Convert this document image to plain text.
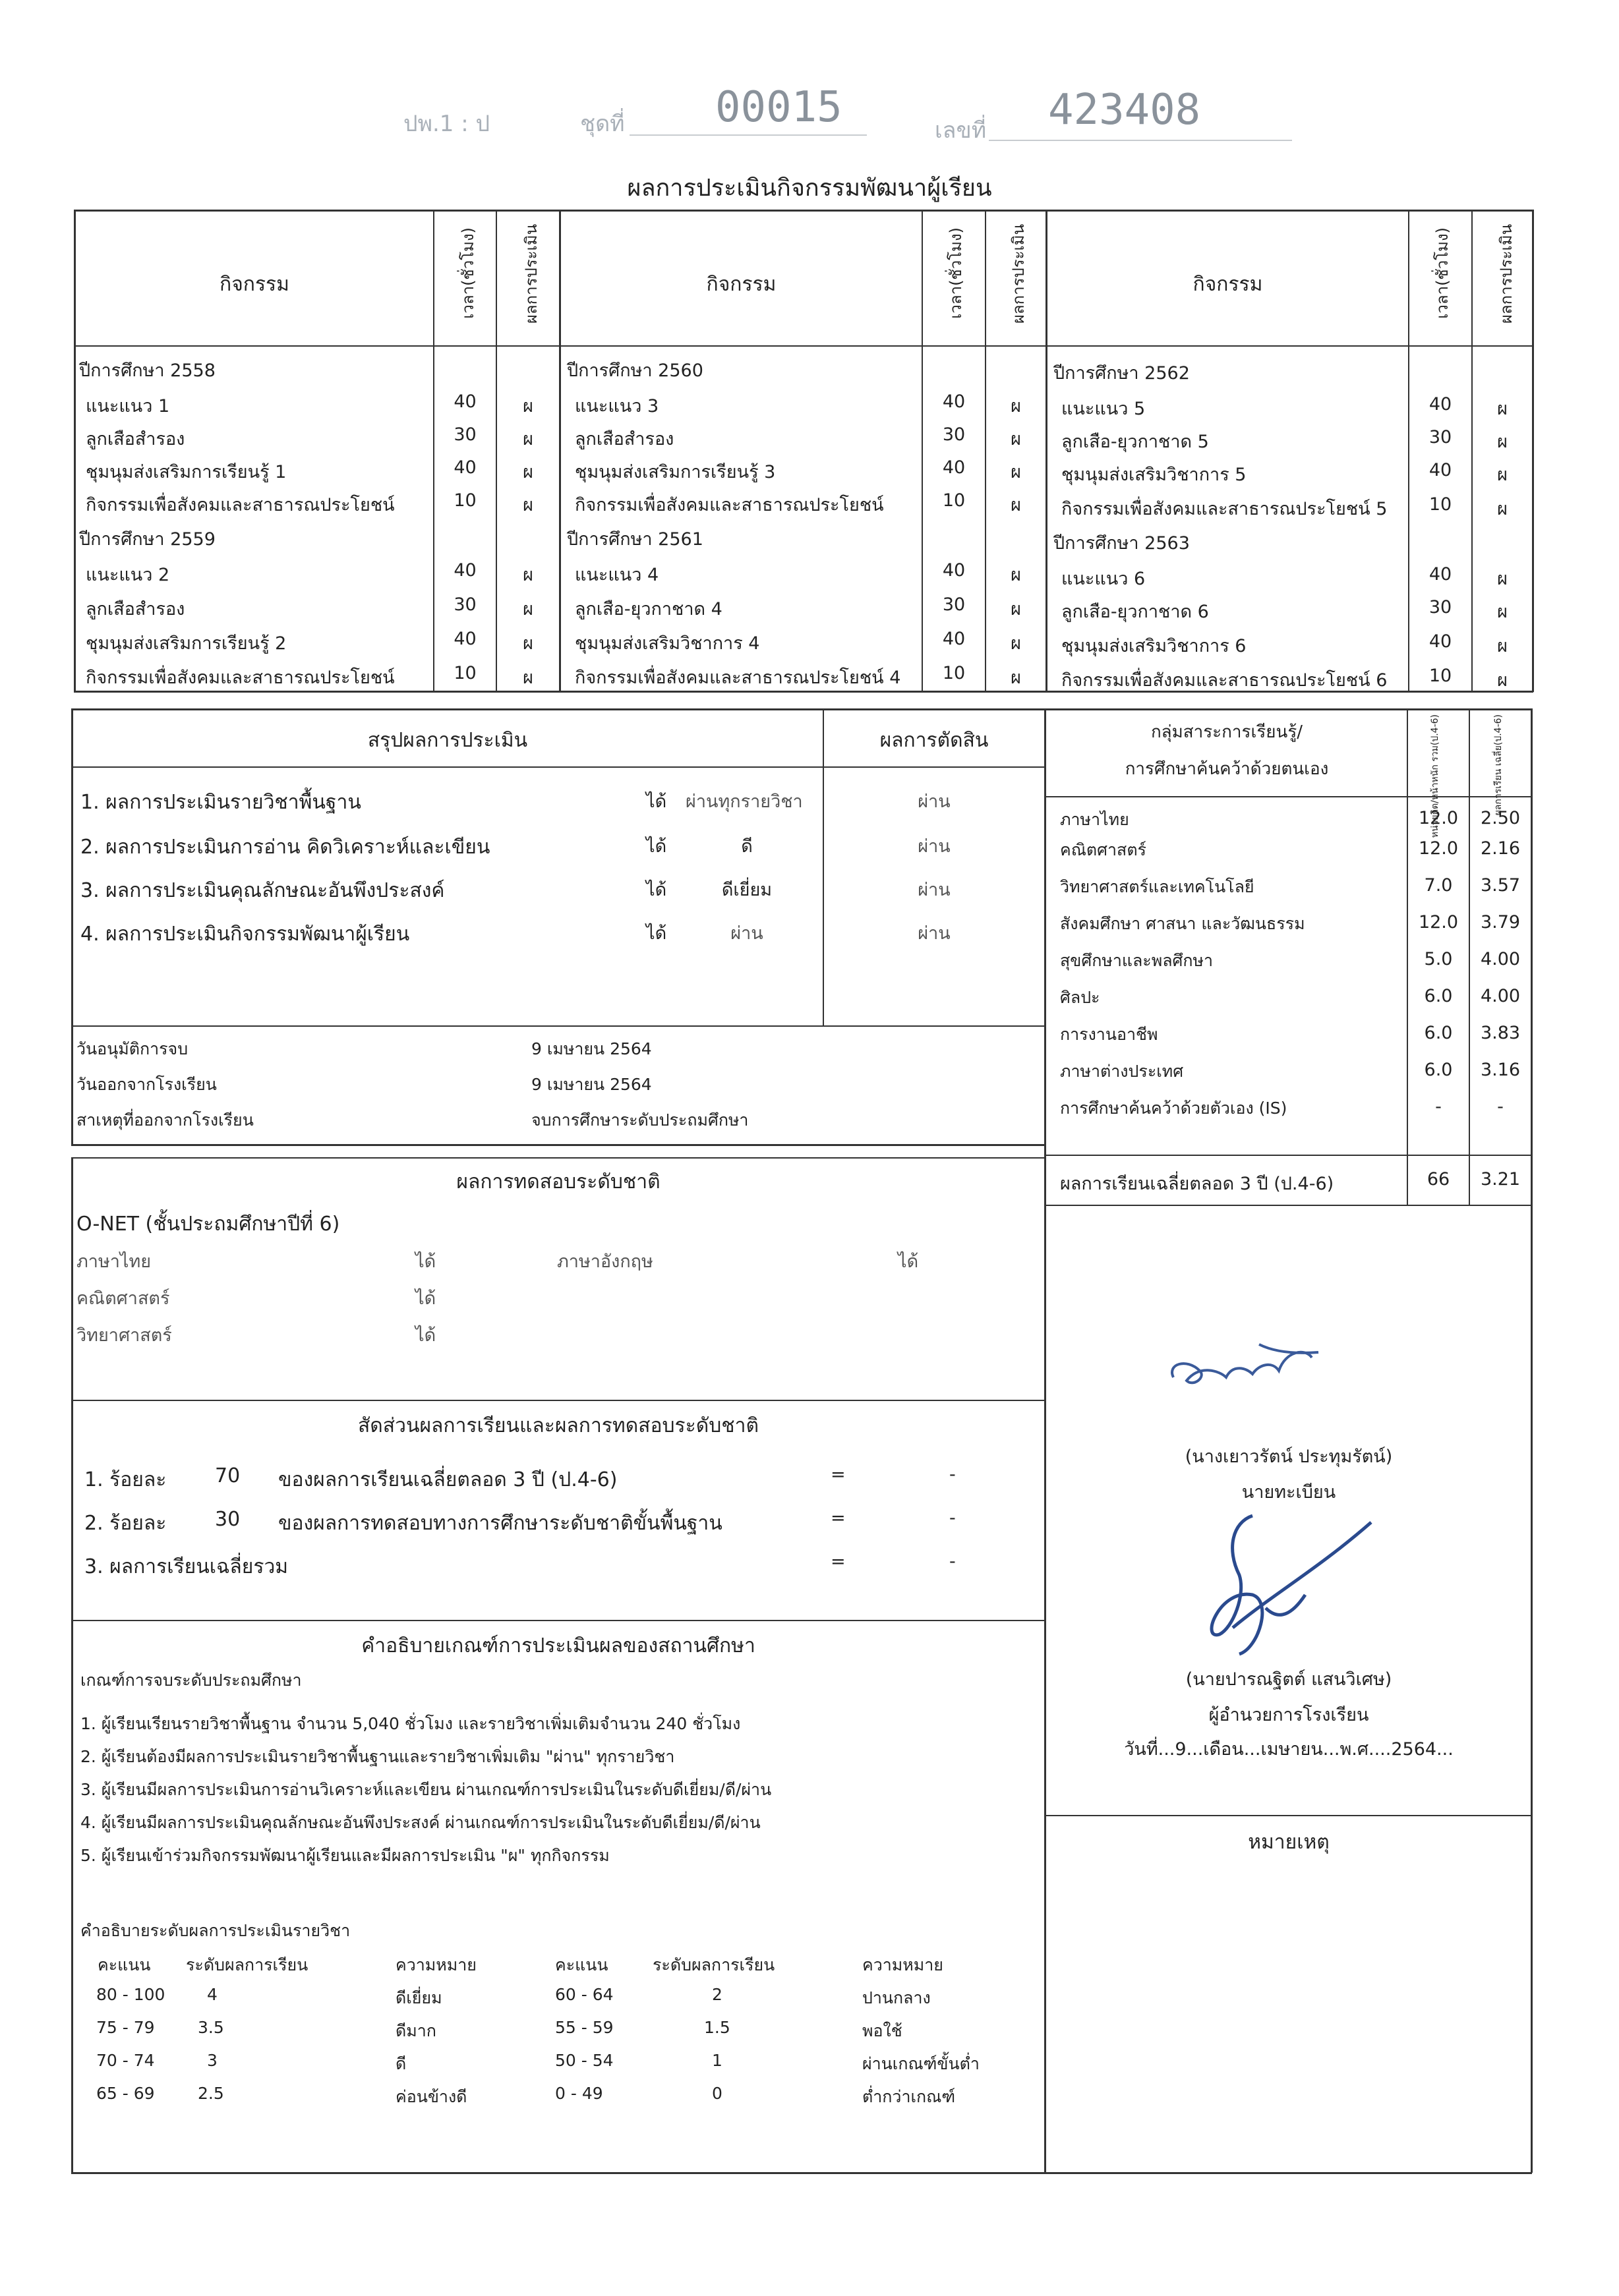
ปพ.1 : ป	ชุดที่ 00015	เลขที่ 423408
ผลการประเมินกิจกรรมพัฒนาผู้เรียน
กิจกรรม	เวลา(ชั่วโมง)	ผลการประเมิน	กิจกรรม	เวลา(ชั่วโมง)	ผลการประเมิน	กิจกรรม	เวลา(ชั่วโมง)	ผลการประเมิน
ปีการศึกษา 2558
แนะแนว 1	40	ผ
ลูกเสือสำรอง	30	ผ
ชุมนุมส่งเสริมการเรียนรู้ 1	40	ผ
กิจกรรมเพื่อสังคมและสาธารณประโยชน์	10	ผ
ปีการศึกษา 2559
แนะแนว 2	40	ผ
ลูกเสือสำรอง	30	ผ
ชุมนุมส่งเสริมการเรียนรู้ 2	40	ผ
กิจกรรมเพื่อสังคมและสาธารณประโยชน์	10	ผ
ปีการศึกษา 2560
แนะแนว 3	40	ผ
ลูกเสือสำรอง	30	ผ
ชุมนุมส่งเสริมการเรียนรู้ 3	40	ผ
กิจกรรมเพื่อสังคมและสาธารณประโยชน์	10	ผ
ปีการศึกษา 2561
แนะแนว 4	40	ผ
ลูกเสือ-ยุวกาชาด 4	30	ผ
ชุมนุมส่งเสริมวิชาการ 4	40	ผ
กิจกรรมเพื่อสังคมและสาธารณประโยชน์ 4	10	ผ
ปีการศึกษา 2562
แนะแนว 5	40	ผ
ลูกเสือ-ยุวกาชาด 5	30	ผ
ชุมนุมส่งเสริมวิชาการ 5	40	ผ
กิจกรรมเพื่อสังคมและสาธารณประโยชน์ 5	10	ผ
ปีการศึกษา 2563
แนะแนว 6	40	ผ
ลูกเสือ-ยุวกาชาด 6	30	ผ
ชุมนุมส่งเสริมวิชาการ 6	40	ผ
กิจกรรมเพื่อสังคมและสาธารณประโยชน์ 6	10	ผ
สรุปผลการประเมิน	ผลการตัดสิน
1. ผลการประเมินรายวิชาพื้นฐาน	ได้ ผ่านทุกรายวิชา	ผ่าน
2. ผลการประเมินการอ่าน คิดวิเคราะห์และเขียน	ได้	ดี	ผ่าน
3. ผลการประเมินคุณลักษณะอันพึงประสงค์	ได้	ดีเยี่ยม	ผ่าน
4. ผลการประเมินกิจกรรมพัฒนาผู้เรียน	ได้	ผ่าน	ผ่าน
วันอนุมัติการจบ	9 เมษายน 2564
วันออกจากโรงเรียน	9 เมษายน 2564
สาเหตุที่ออกจากโรงเรียน	จบการศึกษาระดับประถมศึกษา
กลุ่มสาระการเรียนรู้/
การศึกษาค้นคว้าด้วยตนเอง	หน่วยกิต/หน้าหนัก รวม(ป.4-6)	ผลการเรียน เฉลี่ย(ป.4-6)
ภาษาไทย	12.0	2.50
คณิตศาสตร์	12.0	2.16
วิทยาศาสตร์และเทคโนโลยี	7.0	3.57
สังคมศึกษา ศาสนา และวัฒนธรรม	12.0	3.79
สุขศึกษาและพลศึกษา	5.0	4.00
ศิลปะ	6.0	4.00
การงานอาชีพ	6.0	3.83
ภาษาต่างประเทศ	6.0	3.16
การศึกษาค้นคว้าด้วยตัวเอง (IS)	-	-
ผลการเรียนเฉลี่ยตลอด 3 ปี (ป.4-6)	66	3.21
ผลการทดสอบระดับชาติ
O-NET (ชั้นประถมศึกษาปีที่ 6)
ภาษาไทย	ได้	ภาษาอังกฤษ	ได้
คณิตศาสตร์	ได้
วิทยาศาสตร์	ได้
สัดส่วนผลการเรียนและผลการทดสอบระดับชาติ
1. ร้อยละ 70 ของผลการเรียนเฉลี่ยตลอด 3 ปี (ป.4-6)	=	-
2. ร้อยละ 30 ของผลการทดสอบทางการศึกษาระดับชาติขั้นพื้นฐาน	=	-
3. ผลการเรียนเฉลี่ยรวม	=	-
คำอธิบายเกณฑ์การประเมินผลของสถานศึกษา
เกณฑ์การจบระดับประถมศึกษา
1. ผู้เรียนเรียนรายวิชาพื้นฐาน จำนวน 5,040 ชั่วโมง และรายวิชาเพิ่มเติมจำนวน 240 ชั่วโมง
2. ผู้เรียนต้องมีผลการประเมินรายวิชาพื้นฐานและรายวิชาเพิ่มเติม "ผ่าน" ทุกรายวิชา
3. ผู้เรียนมีผลการประเมินการอ่านวิเคราะห์และเขียน ผ่านเกณฑ์การประเมินในระดับดีเยี่ยม/ดี/ผ่าน
4. ผู้เรียนมีผลการประเมินคุณลักษณะอันพึงประสงค์ ผ่านเกณฑ์การประเมินในระดับดีเยี่ยม/ดี/ผ่าน
5. ผู้เรียนเข้าร่วมกิจกรรมพัฒนาผู้เรียนและมีผลการประเมิน "ผ" ทุกกิจกรรม
คำอธิบายระดับผลการประเมินรายวิชา
คะแนน ระดับผลการเรียน	ความหมาย	คะแนน	ระดับผลการเรียน	ความหมาย
80 - 100	4	ดีเยี่ยม	60 - 64	2	ปานกลาง
75 - 79	3.5	ดีมาก	55 - 59	1.5	พอใช้
70 - 74	3	ดี	50 - 54	1	ผ่านเกณฑ์ขั้นต่ำ
65 - 69	2.5	ค่อนข้างดี	0 - 49	0	ต่ำกว่าเกณฑ์
(นางเยาวรัตน์ ประทุมรัตน์)
นายทะเบียน
(นายปารณฐิตต์ แสนวิเศษ)
ผู้อำนวยการโรงเรียน
วันที่...9...เดือน...เมษายน...พ.ศ....2564...
หมายเหตุ
